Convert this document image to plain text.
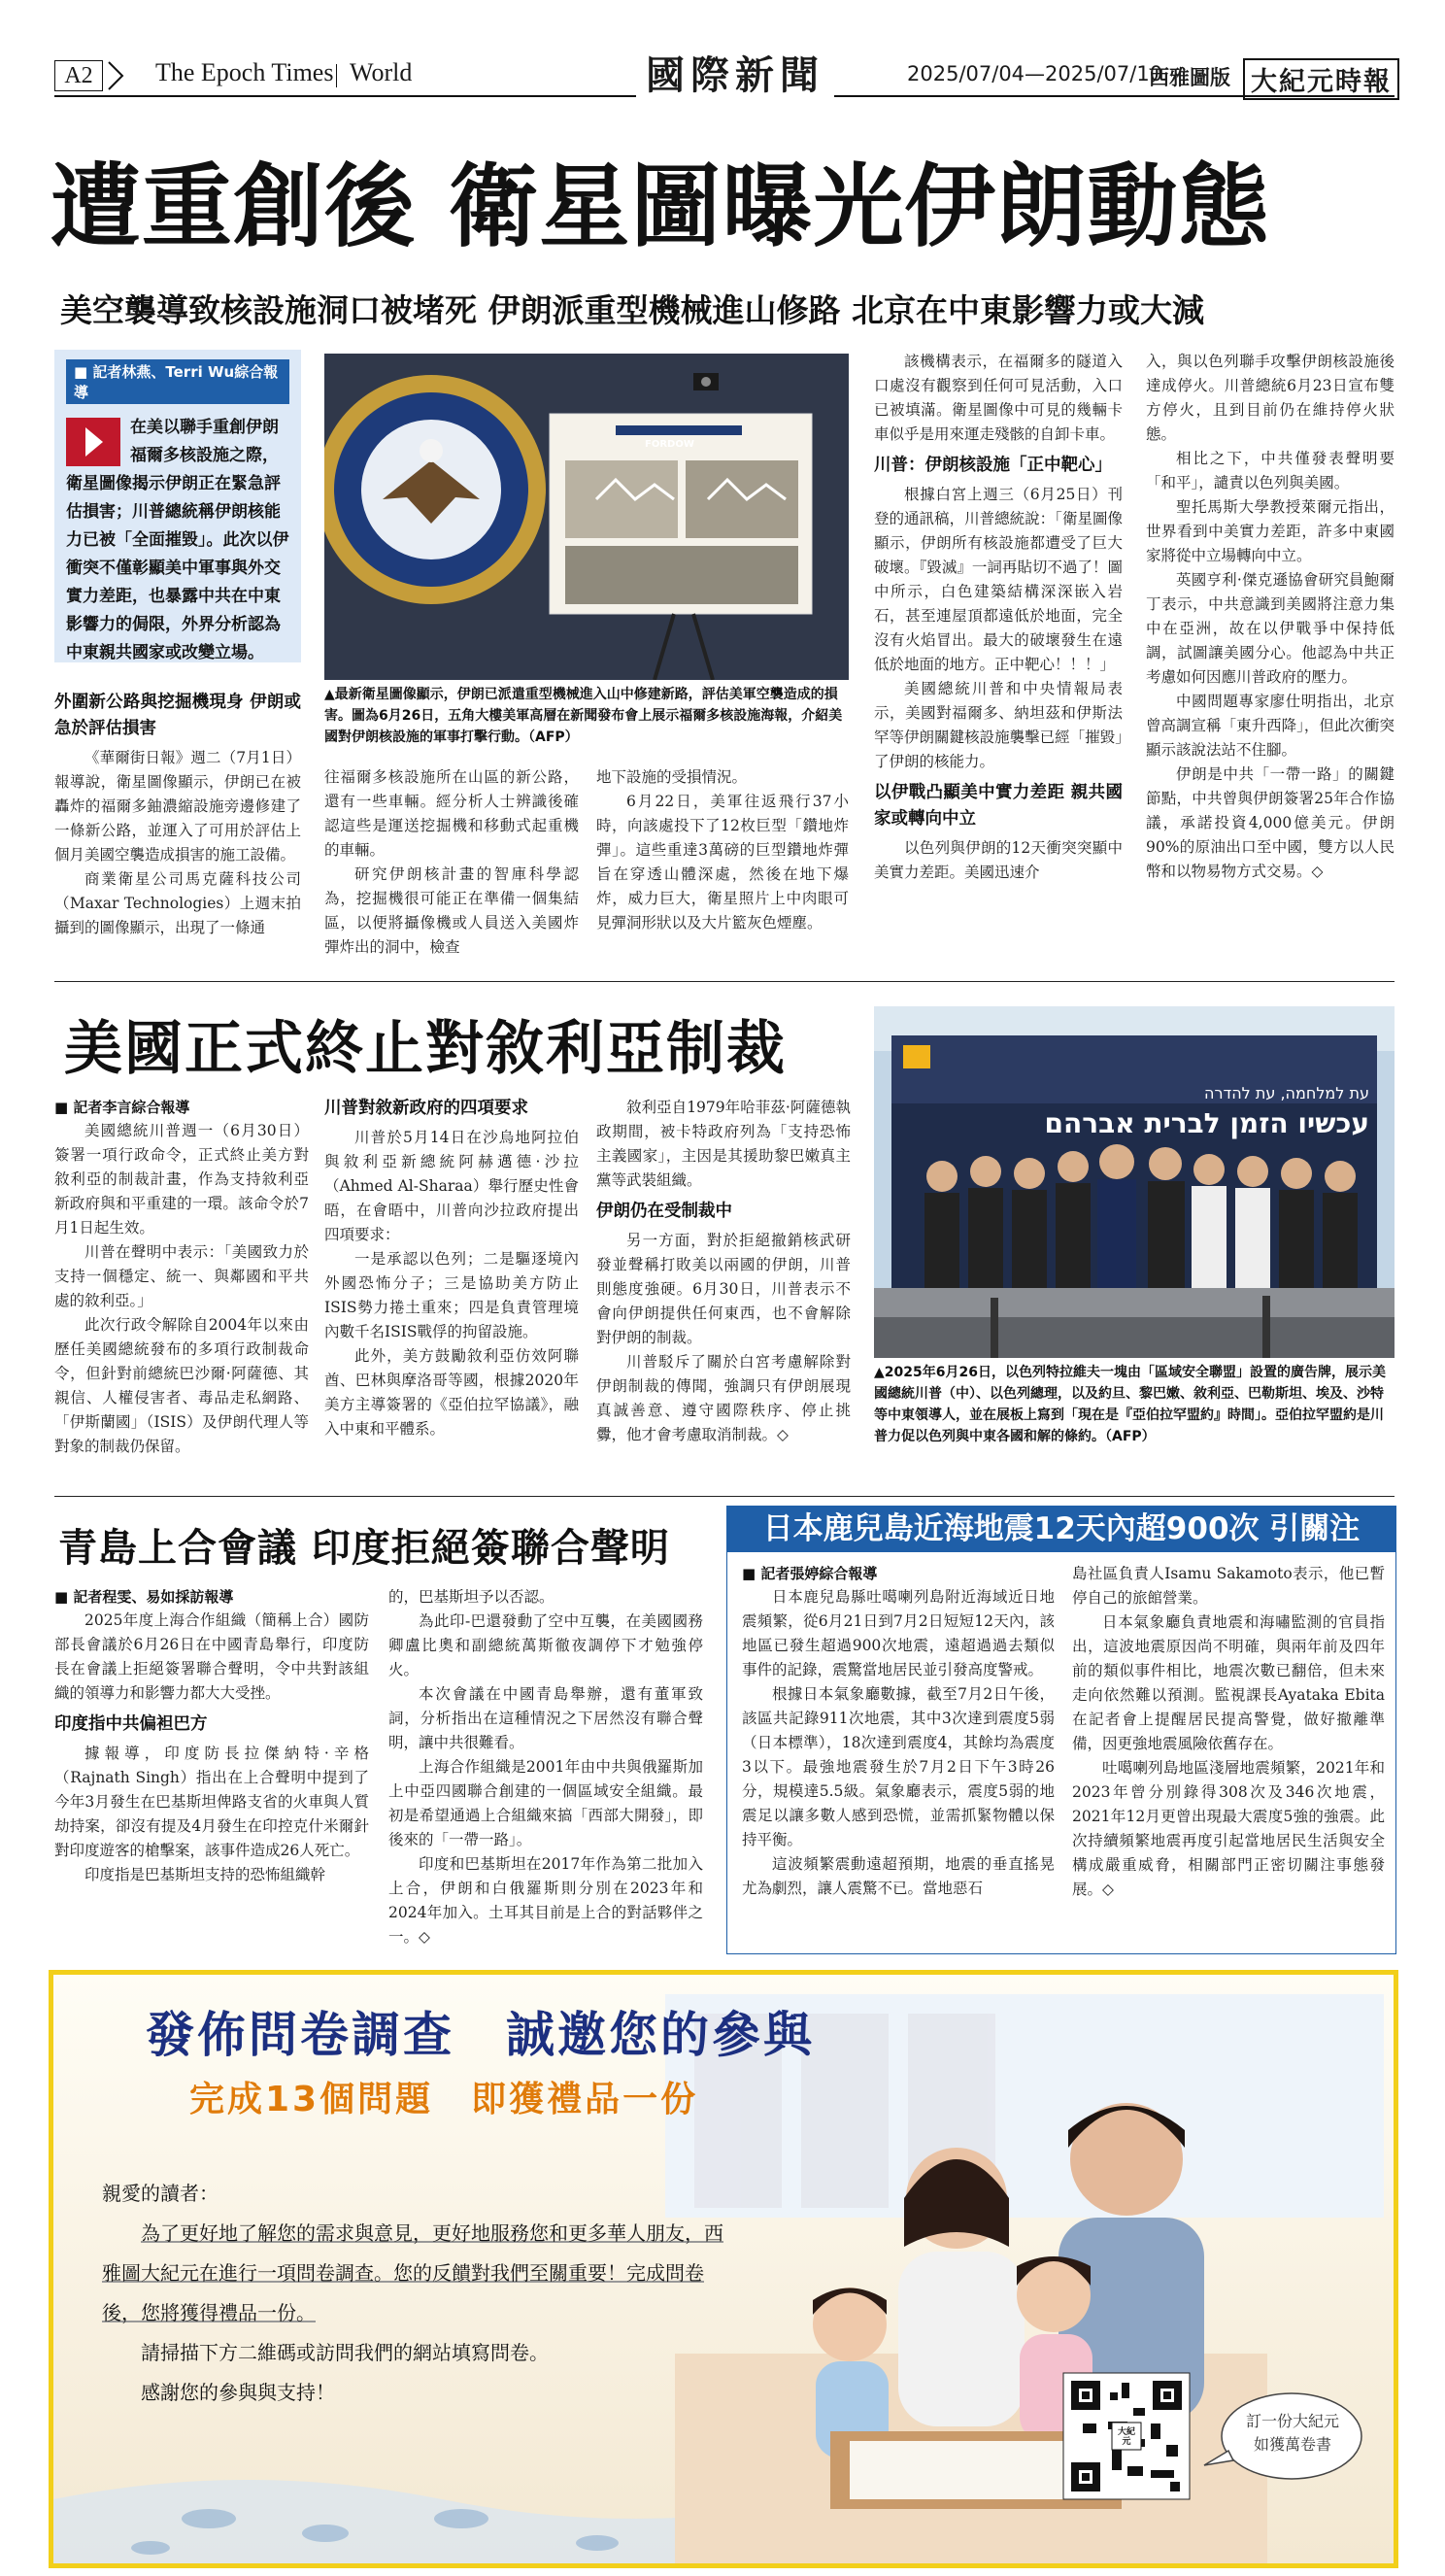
A2	The Epoch Times World	國際新聞	2025/07/04—2025/07/10
西雅圖版 大紀元時報
遭重創後 衛星圖曝光伊朗動態
美空襲導致核設施洞口被堵死 伊朗派重型機械進山修路 北京在中東影響力或大減
■ 記者林燕、Terri Wu綜合報導
在美以聯手重創伊朗福爾多核設施之際，衛星圖像揭示伊朗正在緊急評估損害；川普總統稱伊朗核能力已被「全面摧毀」。此次以伊衝突不僅彰顯美中軍事與外交實力差距，也暴露中共在中東影響力的侷限，外界分析認為中東親共國家或改變立場。
FORDOW
▲最新衛星圖像顯示，伊朗已派遣重型機械進入山中修建新路，評估美軍空襲造成的損害。圖為6月26日，五角大樓美軍高層在新聞發布會上展示福爾多核設施海報，介紹美國對伊朗核設施的軍事打擊行動。（AFP）
外圍新公路與挖掘機現身 伊朗或急於評估損害

《華爾街日報》週二（7月1日）報導說，衛星圖像顯示，伊朗已在被轟炸的福爾多鈾濃縮設施旁邊修建了一條新公路，並運入了可用於評估上個月美國空襲造成損害的施工設備。

商業衛星公司馬克薩科技公司（Maxar Technologies）上週末拍攝到的圖像顯示，出現了一條通

往福爾多核設施所在山區的新公路，還有一些車輛。經分析人士辨識後確認這些是運送挖掘機和移動式起重機的車輛。

研究伊朗核計畫的智庫科學認為，挖掘機很可能正在準備一個集結區，以便將攝像機或人員送入美國炸彈炸出的洞中，檢查

地下設施的受損情況。

6月22日，美軍往返飛行37小時，向該處投下了12枚巨型「鑽地炸彈」。這些重達3萬磅的巨型鑽地炸彈旨在穿透山體深處，然後在地下爆炸，威力巨大，衛星照片上中肉眼可見彈洞形狀以及大片籃灰色煙塵。

該機構表示，在福爾多的隧道入口處沒有觀察到任何可見活動，入口已被填滿。衛星圖像中可見的幾輛卡車似乎是用來運走殘骸的自卸卡車。

川普：伊朗核設施「正中靶心」

根據白宮上週三（6月25日）刊登的通訊稿，川普總統說：「衛星圖像顯示，伊朗所有核設施都遭受了巨大破壞。『毀滅』一詞再貼切不過了！圖中所示，白色建築結構深深嵌入岩石，甚至連屋頂都遠低於地面，完全沒有火焰冒出。最大的破壞發生在遠低於地面的地方。正中靶心！！！」

美國總統川普和中央情報局表示，美國對福爾多、納坦茲和伊斯法罕等伊朗關鍵核設施襲擊已經「摧毀」了伊朗的核能力。

以伊戰凸顯美中實力差距 親共國家或轉向中立

以色列與伊朗的12天衝突突顯中美實力差距。美國迅速介

入，與以色列聯手攻擊伊朗核設施後達成停火。川普總統6月23日宣布雙方停火，且到目前仍在維持停火狀態。

相比之下，中共僅發表聲明要「和平」，譴責以色列與美國。

聖托馬斯大學教授萊爾元指出，世界看到中美實力差距，許多中東國家將從中立場轉向中立。

英國亨利·傑克遜協會研究員鮑爾丁表示，中共意識到美國將注意力集中在亞洲，故在以伊戰爭中保持低調，試圖讓美國分心。他認為中共正考慮如何因應川普政府的壓力。

中國問題專家廖仕明指出，北京曾高調宣稱「東升西降」，但此次衝突顯示該說法站不住腳。

伊朗是中共「一帶一路」的關鍵節點，中共曾與伊朗簽署25年合作協議，承諾投資4,000億美元。伊朗90%的原油出口至中國，雙方以人民幣和以物易物方式交易。◇

美國正式終止對敘利亞制裁
■ 記者李言綜合報導

美國總統川普週一（6月30日）簽署一項行政命令，正式終止美方對敘利亞的制裁計畫，作為支持敘利亞新政府與和平重建的一環。該命令於7月1日起生效。

川普在聲明中表示：「美國致力於支持一個穩定、統一、與鄰國和平共處的敘利亞。」

此次行政令解除自2004年以來由歷任美國總統發布的多項行政制裁命令，但針對前總統巴沙爾·阿薩德、其親信、人權侵害者、毒品走私網路、「伊斯蘭國」（ISIS）及伊朗代理人等對象的制裁仍保留。

川普對敘新政府的四項要求

川普於5月14日在沙烏地阿拉伯與敘利亞新總統阿赫邁德·沙拉（Ahmed Al-Sharaa）舉行歷史性會晤，在會晤中，川普向沙拉政府提出四項要求：

一是承認以色列；二是驅逐境內外國恐怖分子；三是協助美方防止ISIS勢力捲土重來；四是負責管理境內數千名ISIS戰俘的拘留設施。

此外，美方鼓勵敘利亞仿效阿聯酋、巴林與摩洛哥等國，根據2020年美方主導簽署的《亞伯拉罕協議》，融入中東和平體系。

敘利亞自1979年哈菲茲·阿薩德執政期間，被卡特政府列為「支持恐怖主義國家」，主因是其援助黎巴嫩真主黨等武裝組織。

伊朗仍在受制裁中

另一方面，對於拒絕撤銷核武研發並聲稱打敗美以兩國的伊朗，川普則態度強硬。6月30日，川普表示不會向伊朗提供任何東西，也不會解除對伊朗的制裁。

川普駁斥了關於白宮考慮解除對伊朗制裁的傳聞，強調只有伊朗展現真誠善意、遵守國際秩序、停止挑釁，他才會考慮取消制裁。◇

עת למלחמה, עת להדרה
עכשיו הזמן לברית אברהם
▲2025年6月26日，以色列特拉維夫一塊由「區域安全聯盟」設置的廣告牌，展示美國總統川普（中）、以色列總理，以及約旦、黎巴嫩、敘利亞、巴勒斯坦、埃及、沙特等中東領導人，並在展板上寫到「現在是『亞伯拉罕盟約』時間」。亞伯拉罕盟約是川普力促以色列與中東各國和解的條約。（AFP）
青島上合會議 印度拒絕簽聯合聲明
■ 記者程雯、易如採訪報導

2025年度上海合作組織（簡稱上合）國防部長會議於6月26日在中國青島舉行，印度防長在會議上拒絕簽署聯合聲明，令中共對該組織的領導力和影響力都大大受挫。

印度指中共偏袒巴方

據報導，印度防長拉傑納特·辛格（Rajnath Singh）指出在上合聲明中提到了今年3月發生在巴基斯坦俾路支省的火車與人質劫持案，卻沒有提及4月發生在印控克什米爾針對印度遊客的槍擊案，該事件造成26人死亡。

印度指是巴基斯坦支持的恐怖組織幹

的，巴基斯坦予以否認。

為此印-巴還發動了空中互襲，在美國國務卿盧比奧和副總統萬斯徹夜調停下才勉強停火。

本次會議在中國青島舉辦，還有董軍致詞，分析指出在這種情況之下居然沒有聯合聲明，讓中共很難看。

上海合作組織是2001年由中共與俄羅斯加上中亞四國聯合創建的一個區域安全組織。最初是希望通過上合組織來搞「西部大開發」，即後來的「一帶一路」。

印度和巴基斯坦在2017年作為第二批加入上合，伊朗和白俄羅斯則分別在2023年和2024年加入。土耳其目前是上合的對話夥伴之一。◇

日本鹿兒島近海地震12天內超900次 引關注
■ 記者張婷綜合報導

日本鹿兒島縣吐噶喇列島附近海域近日地震頻繁，從6月21日到7月2日短短12天內，該地區已發生超過900次地震，遠超過過去類似事件的記錄，震驚當地居民並引發高度警戒。

根據日本氣象廳數據，截至7月2日午後，該區共記錄911次地震，其中3次達到震度5弱（日本標準），18次達到震度4，其餘均為震度3以下。最強地震發生於7月2日下午3時26分，規模達5.5級。氣象廳表示，震度5弱的地震足以讓多數人感到恐慌，並需抓緊物體以保持平衡。

這波頻繁震動遠超預期，地震的垂直搖晃尤為劇烈，讓人震驚不已。當地惡石

島社區負責人Isamu Sakamoto表示，他已暫停自己的旅館營業。

日本氣象廳負責地震和海嘯監測的官員指出，這波地震原因尚不明確，與兩年前及四年前的類似事件相比，地震次數已翻倍，但未來走向依然難以預測。監視課長Ayataka Ebita在記者會上提醒居民提高警覺，做好撤離準備，因更強地震風險依舊存在。

吐噶喇列島地區淺層地震頻繁，2021年和2023年曾分別錄得308次及346次地震，2021年12月更曾出現最大震度5強的強震。此次持續頻繁地震再度引起當地居民生活與安全構成嚴重威脅，相關部門正密切關注事態發展。◇

發佈問卷調查　誠邀您的參與
完成13個問題　即獲禮品一份

親愛的讀者：

為了更好地了解您的需求與意見，更好地服務您和更多華人朋友，西雅圖大紀元在進行一項問卷調查。您的反饋對我們至關重要！完成問卷後，您將獲得禮品一份。

請掃描下方二維碼或訪問我們的網站填寫問卷。

感謝您的參與與支持！

大紀元
訂一份大紀元 如獲萬卷書
